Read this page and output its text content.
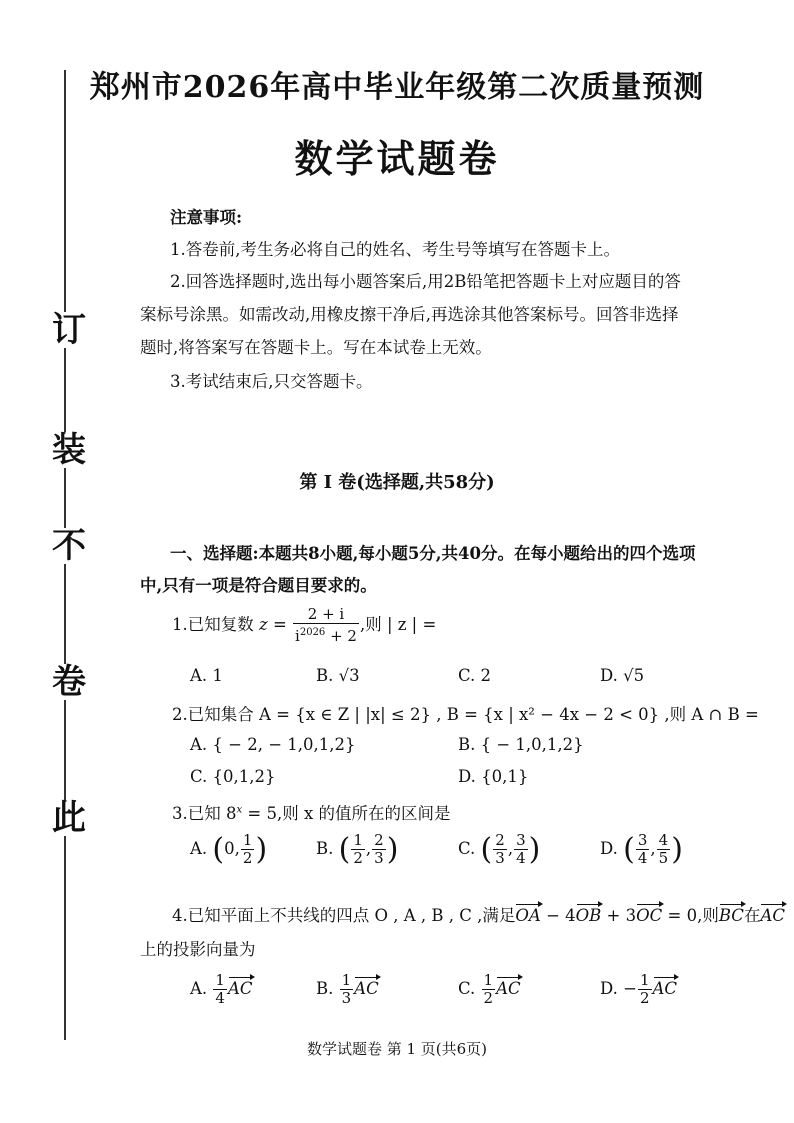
此
卷
不
装
订
郑州市2026年高中毕业年级第二次质量预测
数学试题卷
注意事项:
1.答卷前,考生务必将自己的姓名、考生号等填写在答题卡上。
2.回答选择题时,选出每小题答案后,用2B铅笔把答题卡上对应题目的答
案标号涂黑。如需改动,用橡皮擦干净后,再选涂其他答案标号。回答非选择
题时,将答案写在答题卡上。写在本试卷上无效。
3.考试结束后,只交答题卡。
第 Ⅰ 卷(选择题,共58分)
一、选择题:本题共8小题,每小题5分,共40分。在每小题给出的四个选项
中,只有一项是符合题目要求的。
1.已知复数 $z = \frac{2 + i}{i^{2026} + 2}$ ,则 | z | =
A. 1	B. √3	C. 2	D. √5
2.已知集合 A = {x ∈ Z | |x| ≤ 2} , B = {x | x² − 4x − 2 < 0} ,则 A ∩ B =
A. { − 2, − 1,0,1,2}	B. { − 1,0,1,2}
C. {0,1,2}	D. {0,1}
3.已知 $8^x = 5$,则 x 的值所在的区间是
A. (0, $\frac{1}{2}$ )	B. ( $\frac{1}{2}$ , $\frac{2}{3}$ )	C. ( $\frac{2}{3}$ , $\frac{3}{4}$ )	D. ( $\frac{3}{4}$ , $\frac{4}{5}$ )
4.已知平面上不共线的四点 O , A , B , C ,满足OA − 4OB + 3OC = 0,则BC在AC
上的投影向量为
A. $\frac{1}{4}$ AC	B. $\frac{1}{3}$ AC	C. $\frac{1}{2}$ AC	D. − $\frac{1}{2}$ AC
数学试题卷 第 1 页(共6页)
